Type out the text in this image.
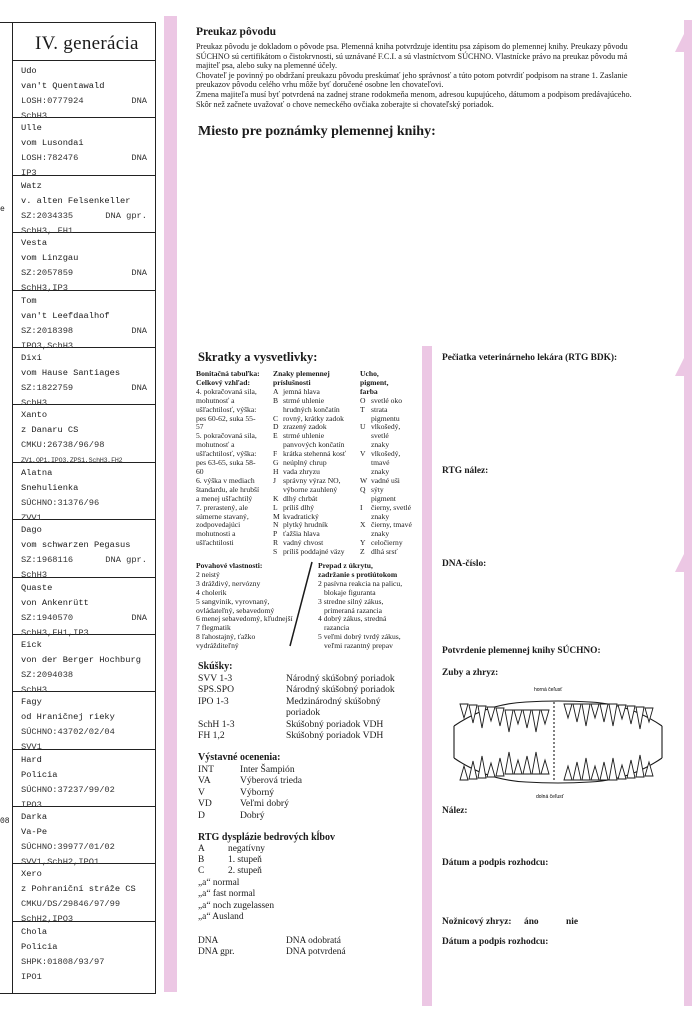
e
08
IV. generácia
Udo
van't Quentawald
LOSH:0777924	DNA
SchH3
Ulle
vom Lusondai
LOSH:782476	DNA
IP3
Watz
v. alten Felsenkeller
SZ:2034335	DNA gpr.
SchH3, FH1
Vesta
vom Linzgau
SZ:2057859	DNA
SchH3,IP3
Tom
van't Leefdaalhof
SZ:2018398	DNA
IPO3,SchH3
Dixi
vom Hause Santiages
SZ:1822759	DNA
SchH3
Xanto
z Danaru CS
CMKU:26738/96/98
ZV1,OP1,IPO3,ZPS1,SchH3,FH2
Alatna
Snehulienka
SÚCHNO:31376/96
ZVV1
Dago
vom schwarzen Pegasus
SZ:1968116	DNA gpr.
SchH3
Quaste
von Ankenrütt
SZ:1940570	DNA
SchH3,FH1,IP3
Eick
von der Berger Hochburg
SZ:2094038
SchH3
Fagy
od Hraničnej rieky
SÚCHNO:43702/02/04
SVV1
Hard
Policia
SÚCHNO:37237/99/02
IPO3
Darka
Va-Pe
SÚCHNO:39977/01/02
SVV1,SchH2,IPO1
Xero
z Pohraniční stráže CS
CMKU/DS/29846/97/99
SchH2,IPO3
Chola
Policia
SHPK:01808/93/97
IPO1
Preukaz pôvodu
Preukaz pôvodu je dokladom o pôvode psa. Plemenná kniha potvrdzuje identitu psa zápisom do plemennej knihy. Preukazy pôvodu
SÚCHNO sú certifikátom o čistokrvnosti, sú uznávané F.C.I. a sú vlastníctvom SÚCHNO. Vlastnícke právo na preukaz pôvodu má
majiteľ psa, alebo suky na plemenné účely.
Chovateľ je povinný po obdržaní preukazu pôvodu preskúmať jeho správnosť a túto potom potvrdiť podpisom na strane 1. Zaslanie
preukazov pôvodu celého vrhu môže byť doručené osobne len chovateľovi.
Zmena majiteľa musí byť potvrdená na zadnej strane rodokmeňa menom, adresou kupujúceho, dátumom a podpisom predávajúceho.
Skôr než začnete uvažovať o chove nemeckého ovčiaka zoberajte si chovateľský poriadok.
Miesto pre poznámky plemennej knihy:
Skratky a vysvetlivky:
Bonitačná tabuľka:
Celkový vzhľad:
4. pokračovaná sila,
mohutnosť a
ušľachtilosť, výška:
pes 60-62, suka 55-
57
5. pokračovaná sila,
mohutnosť a
ušľachtilosť, výška:
pes 63-65, suka 58-
60
6. výška v mediach
štandardu, ale hrubší
a menej ušľachtilý
7. prerastený, ale
súmerne stavaný,
zodpovedajúci
mohutnosti a
ušľachtilosti
Znaky plemennej
príslušnosti
A jemná hlava
B strmé uhlenie
hrudných končatín
C rovný, krátky zadok
D zrazený zadok
E strmé uhlenie
panvových končatín
F krátka stehenná kosť
G neúplný chrup
H vada zhryzu
J správny výraz NO,
výborne zauhlený
K dlhý chrbát
L príliš dlhý
M kvadratický
N plytký hrudník
P ťažšia hlava
R vadný chvost
S príliš poddajné väzy
Ucho,
pigment,
farba
O svetlé oko
T strata
pigmentu
U vlkošedý,
svetlé
znaky
V vlkošedý,
tmavé
znaky
W vadné uši
Q sýty
pigment
I	čierny, svetlé
znaky
X čierny, tmavé
znaky
Y celočierny
Z dlhá srsť
Povahové vlastnosti:
2 neistý
3 dráždivý, nervózny
4 cholerik
5 sangvinik, vyrovnaný,
ovládateľný, sebavedomý
6 menej sebavedomý, kľudnejší
7 flegmatik
8 ľahostajný, ťažko
vydrážditeľný
Prepad z úkrytu,
zadržanie s protiútokom
2 pasívna reakcia na palicu,
blokaje figuranta
3 stredne silný zákus,
primeraná razancia
4 dobrý zákus, stredná
razancia
5 veľmi dobrý tvrdý zákus,
veľmi razantný prepav
Skúšky:
SVV 1-3	Národný skúšobný poriadok
SPS.SPO	Národný skúšobný poriadok
IPO 1-3	Medzinárodný skúšobný
poriadok
SchH 1-3	Skúšobný poriadok VDH
FH 1,2	Skúšobný poriadok VDH
Výstavné ocenenia:
INT	Inter Šampión
VA	Výberová trieda
V	Výborný
VD	Veľmi dobrý
D	Dobrý
RTG dysplázie bedrových kĺbov
A	negatívny
B	1. stupeň
C	2. stupeň
„a“ normal
„a“ fast normal
„a“ noch zugelassen
„a“ Ausland
DNA	DNA odobratá
DNA gpr.	DNA potvrdená
Pečiatka veterinárneho lekára (RTG BDK):
RTG nález:
DNA-číslo:
Potvrdenie plemennej knihy SÚCHNO:
Zuby a zhryz:
horná čeľusť
dolná čeľusť
Nález:
Dátum a podpis rozhodcu:
Nožnicový zhryz: áno	nie
Dátum a podpis rozhodcu:
